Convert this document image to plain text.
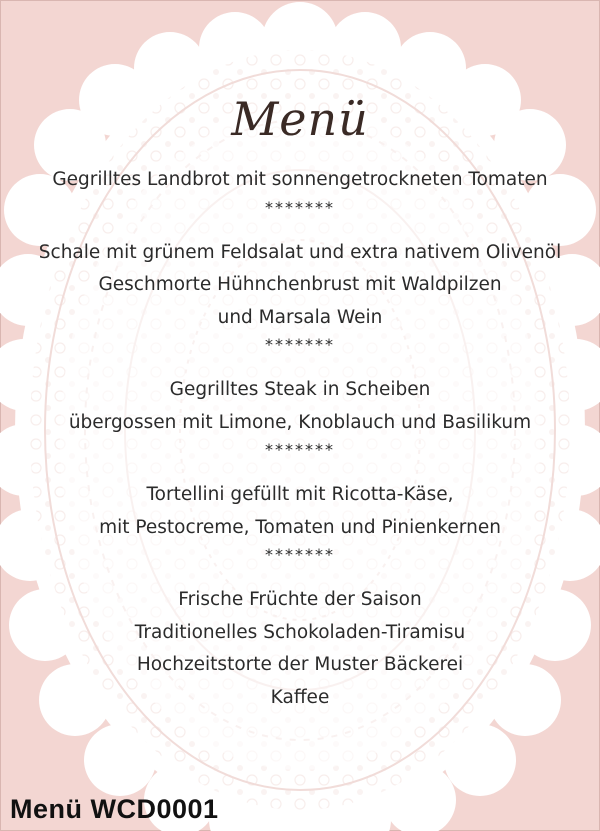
Menü
Gegrilltes Landbrot mit sonnengetrockneten Tomaten
*******
Schale mit grünem Feldsalat und extra nativem Olivenöl
Geschmorte Hühnchenbrust mit Waldpilzen
und Marsala Wein
*******
Gegrilltes Steak in Scheiben
übergossen mit Limone, Knoblauch und Basilikum
*******
Tortellini gefüllt mit Ricotta-Käse,
mit Pestocreme, Tomaten und Pinienkernen
*******
Frische Früchte der Saison
Traditionelles Schokoladen-Tiramisu
Hochzeitstorte der Muster Bäckerei
Kaffee
Menü WCD0001
